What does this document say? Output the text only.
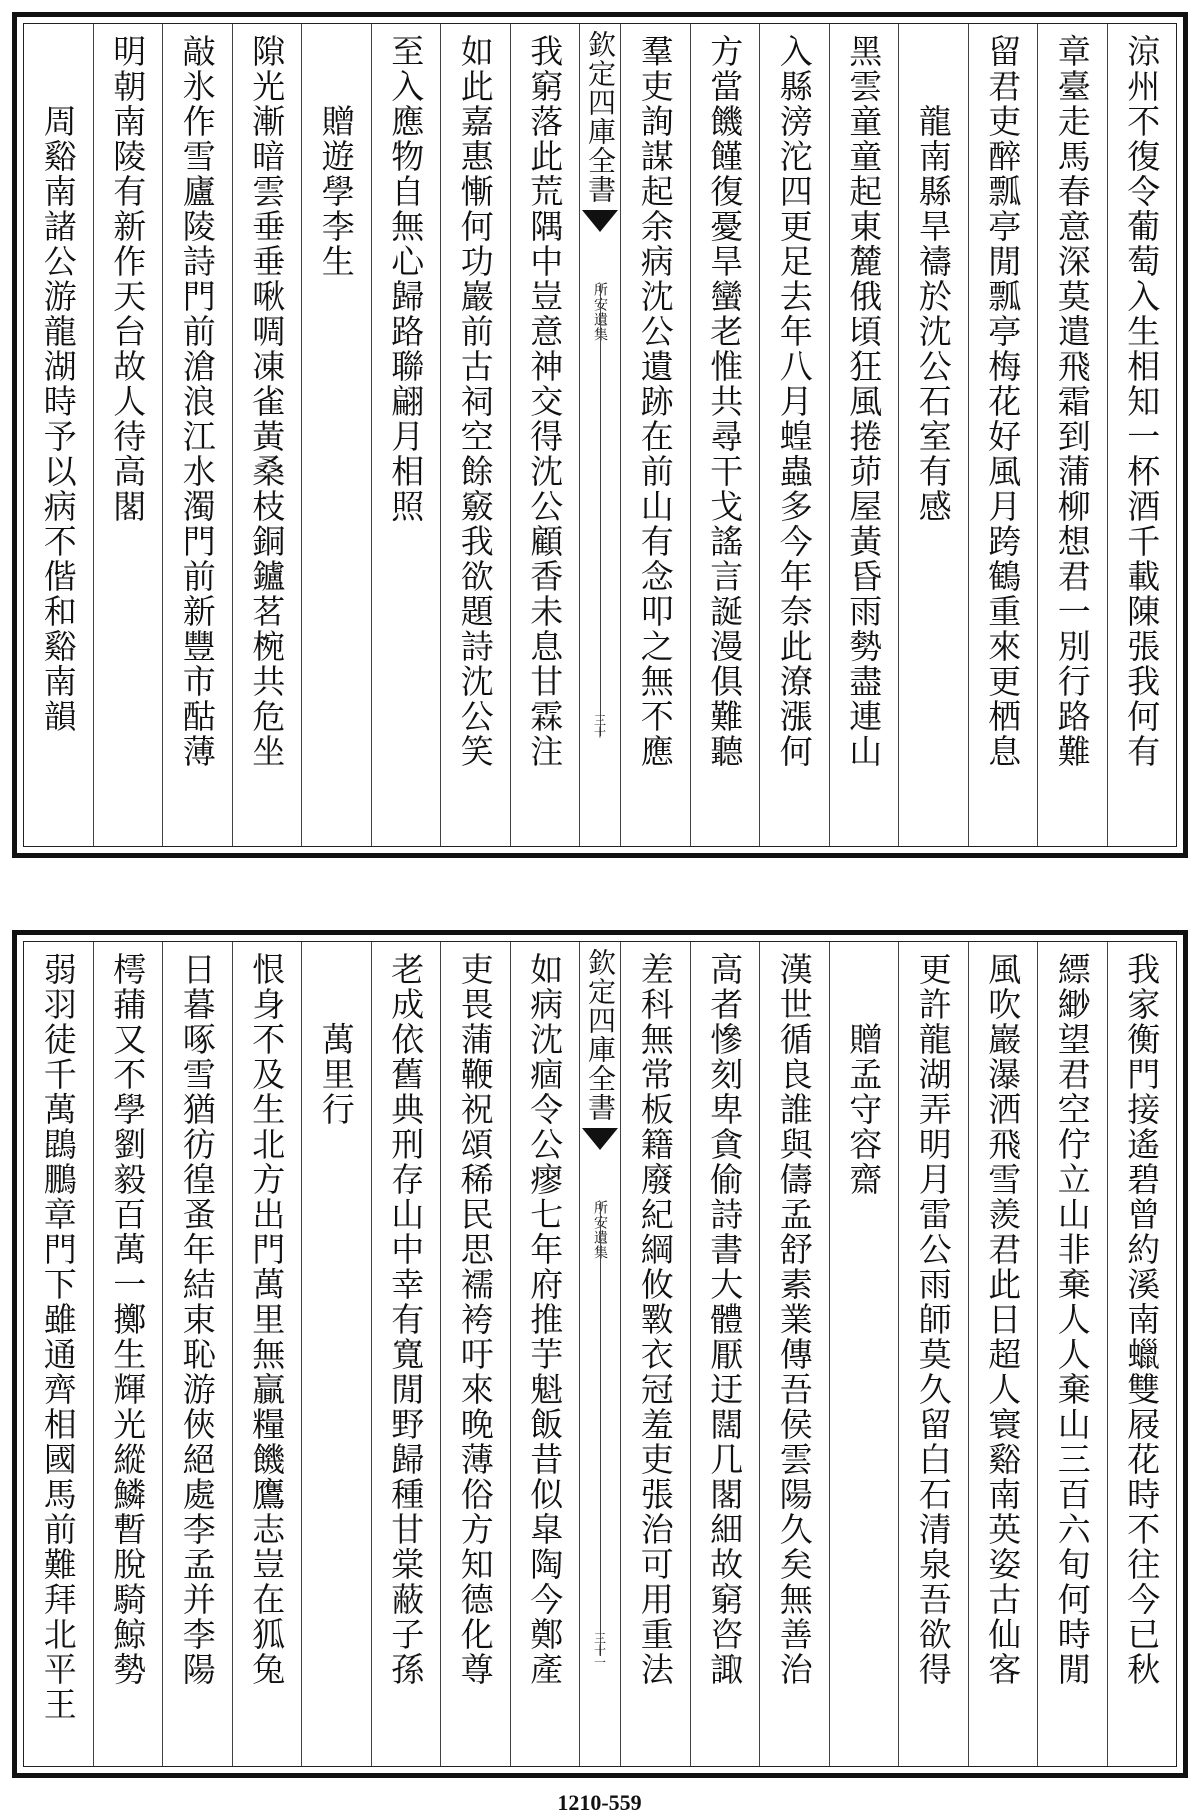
涼州不復令葡萄入生相知一杯酒千載陳張我何有
章臺走馬春意深莫遣飛霜到蒲柳想君一別行路難
留君吏醉瓢亭閒瓢亭梅花好風月跨鶴重來更栖息
龍南縣旱禱於沈公石室有感
黑雲童童起東麓俄頃狂風捲茆屋黃昏雨勢盡連山
入縣滂沱四更足去年八月蝗蟲多今年奈此潦漲何
方當饑饉復憂旱蠻老惟共尋干戈謠言誕漫俱難聽
羣吏詢謀起余病沈公遺跡在前山有念叩之無不應
欽定四庫全書
所安遺集
三十
我窮落此荒隅中豈意神交得沈公顧香未息甘霖注
如此嘉惠慚何功巖前古祠空餘竅我欲題詩沈公笑
至入應物自無心歸路聯翩月相照
贈遊學李生
隙光漸暗雲垂垂啾啁凍雀黃桑枝銅鑪茗椀共危坐
敲氷作雪廬陵詩門前滄浪江水濁門前新豐市酤薄
明朝南陵有新作天台故人待高閣
周谿南諸公游龍湖時予以病不偕和谿南韻
我家衡門接遙碧曾約溪南蠟雙屐花時不往今已秋
縹緲望君空佇立山非棄人人棄山三百六旬何時閒
風吹巖瀑洒飛雪羨君此日超人寰谿南英姿古仙客
更許龍湖弄明月雷公雨師莫久留白石清泉吾欲得
贈孟守容齋
漢世循良誰與儔孟舒素業傳吾侯雲陽久矣無善治
高者慘刻卑貪偷詩書大體厭迂闊几閣細故窮咨諏
差科無常板籍廢紀綱攸斁衣冠羞吏張治可用重法
欽定四庫全書
所安遺集
三十一
如病沈痼令公瘳七年府推芋魁飯昔似皐陶今鄭產
吏畏蒲鞭祝頌稀民思襦袴吁來晚薄俗方知德化尊
老成依舊典刑存山中幸有寬閒野歸種甘棠蔽子孫
萬里行
恨身不及生北方出門萬里無贏糧饑鷹志豈在狐兔
日暮啄雪猶彷徨蚤年結束恥游俠絕處李孟并李陽
樗蒱又不學劉毅百萬一擲生輝光縱鱗暫脫騎鯨勢
弱羽徒千萬鵾鵬章門下雖通齊相國馬前難拜北平王
1210-559
